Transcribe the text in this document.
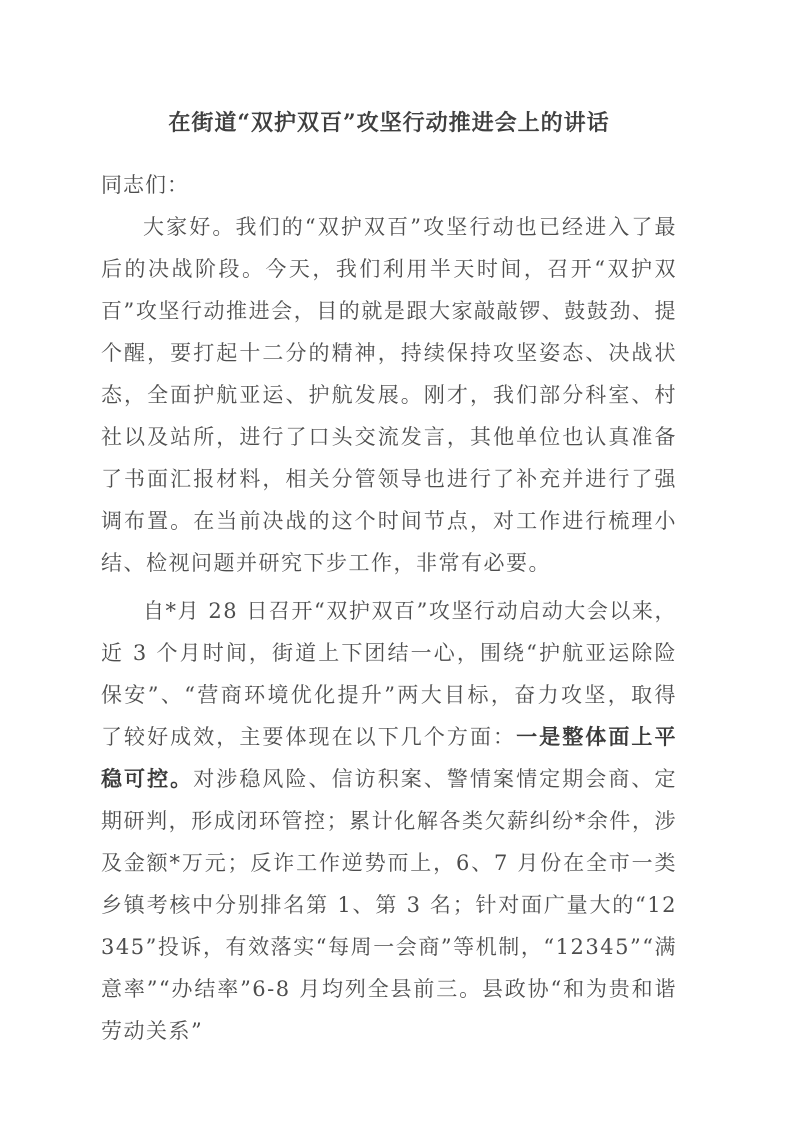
在街道“双护双百”攻坚行动推进会上的讲话

同志们：

大家好。我们的“双护双百”攻坚行动也已经进入了最后的决战阶段。今天，我们利用半天时间，召开“双护双百”攻坚行动推进会，目的就是跟大家敲敲锣、鼓鼓劲、提个醒，要打起十二分的精神，持续保持攻坚姿态、决战状态，全面护航亚运、护航发展。刚才，我们部分科室、村社以及站所，进行了口头交流发言，其他单位也认真准备了书面汇报材料，相关分管领导也进行了补充并进行了强调布置。在当前决战的这个时间节点，对工作进行梳理小结、检视问题并研究下步工作，非常有必要。

自*月 28 日召开“双护双百”攻坚行动启动大会以来，近 3 个月时间，街道上下团结一心，围绕“护航亚运除险保安”、“营商环境优化提升”两大目标，奋力攻坚，取得了较好成效，主要体现在以下几个方面：一是整体面上平稳可控。对涉稳风险、信访积案、警情案情定期会商、定期研判，形成闭环管控；累计化解各类欠薪纠纷*余件，涉及金额*万元；反诈工作逆势而上，6、7 月份在全市一类乡镇考核中分别排名第 1、第 3 名；针对面广量大的“12345”投诉，有效落实“每周一会商”等机制，“12345”“满意率”“办结率”6-8 月均列全县前三。县政协“和为贵和谐劳动关系”
